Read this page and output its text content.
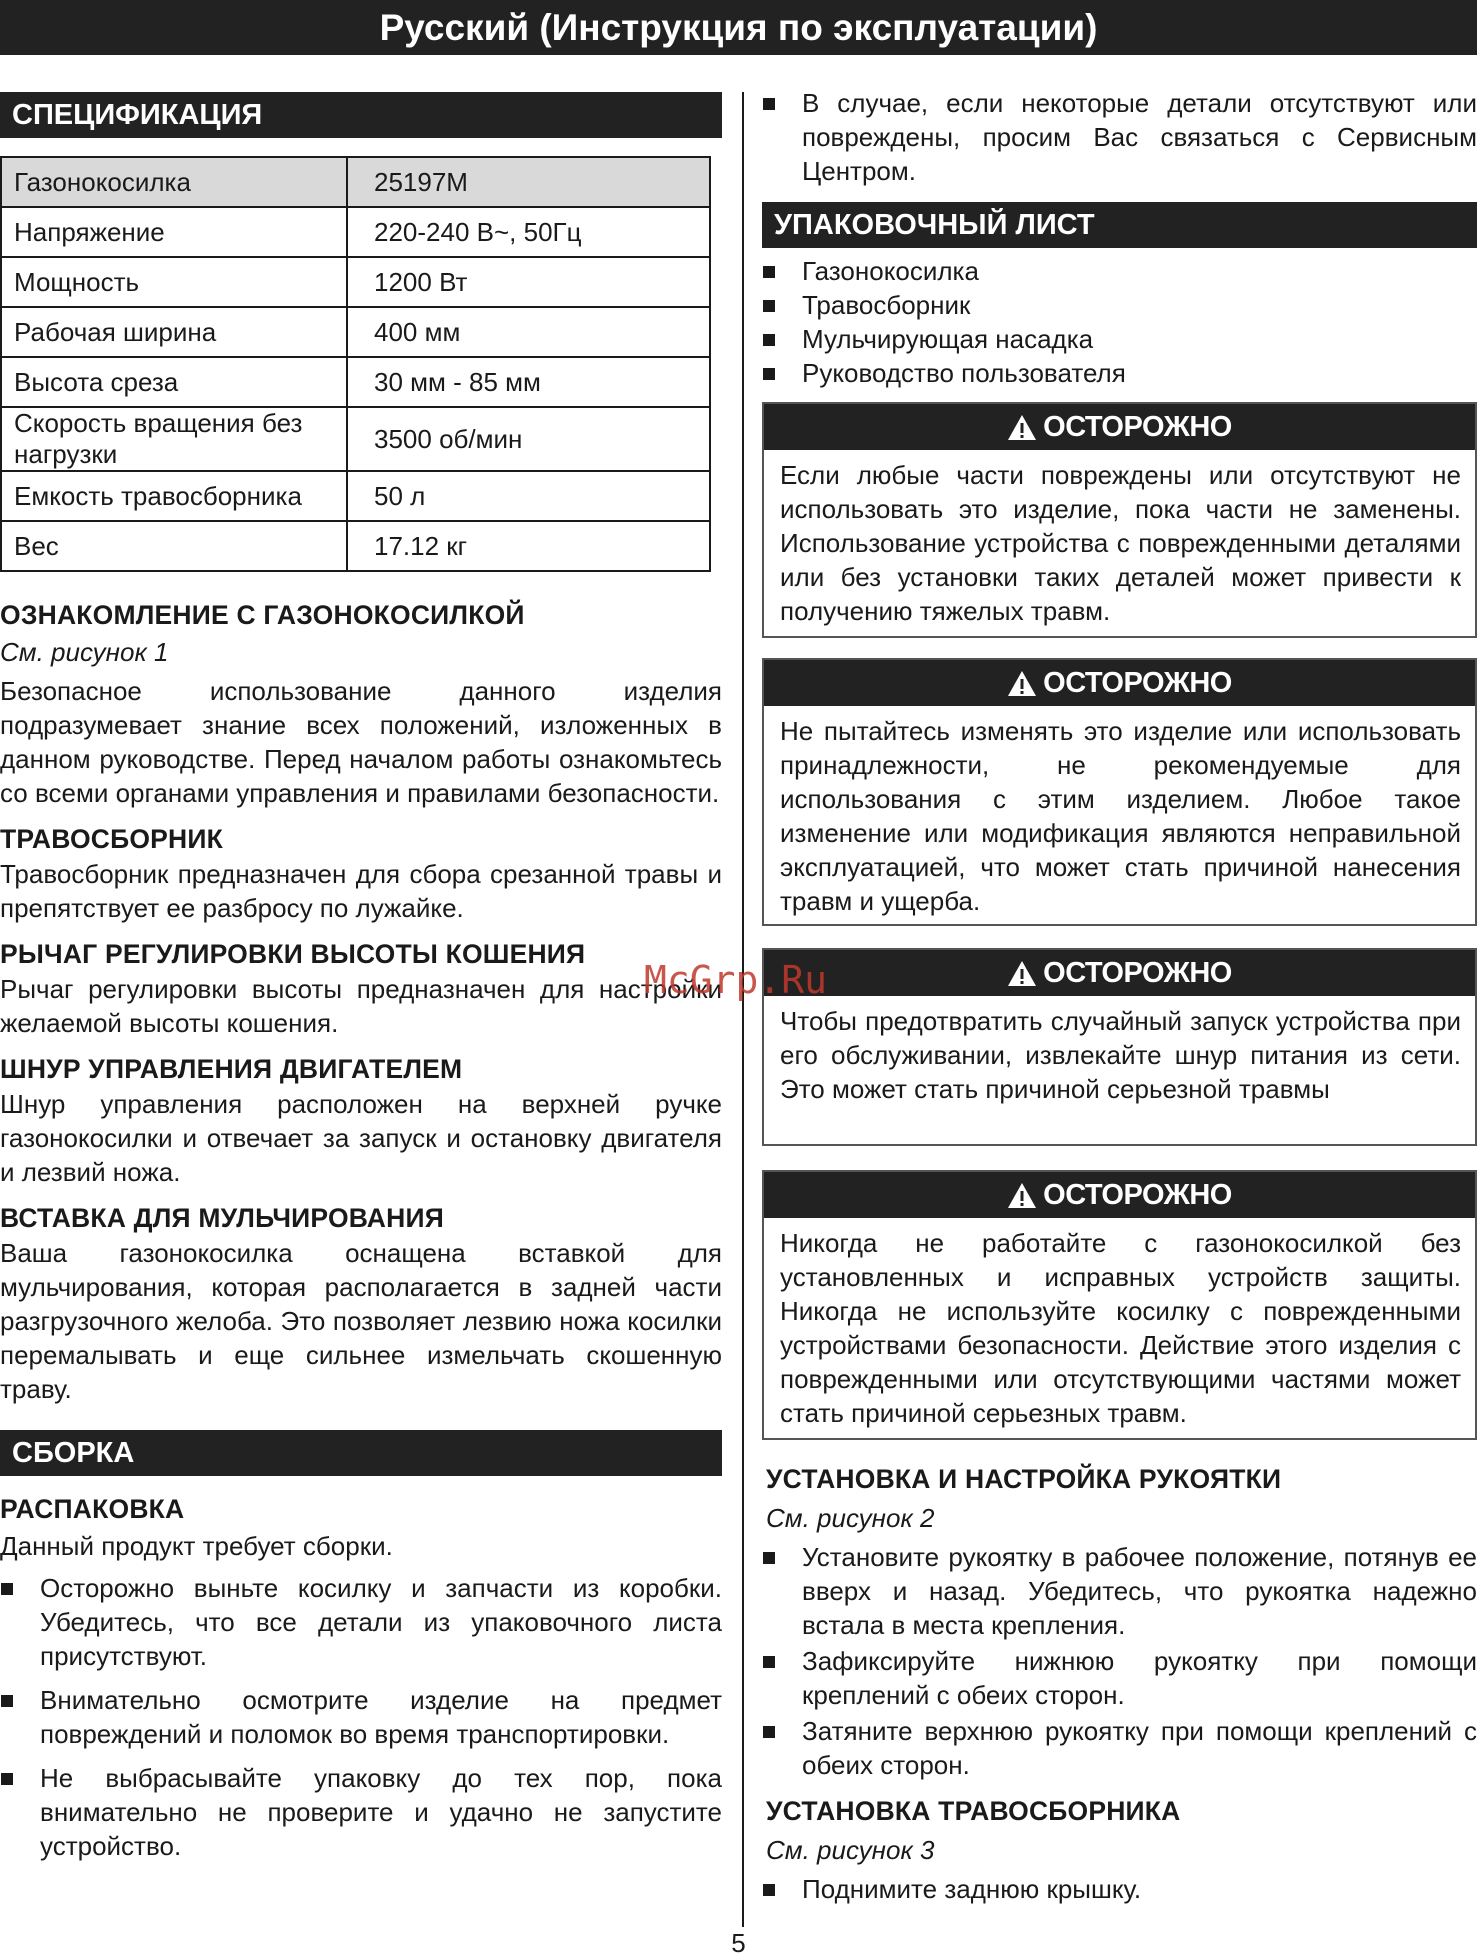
Русский (Инструкция по эксплуатации)
СПЕЦИФИКАЦИЯ
Газонокосилка	25197M
Напряжение	220-240 В~, 50Гц
Мощность	1200 Вт
Рабочая ширина	400 мм
Высота среза	30 мм - 85 мм
Скорость вращения без нагрузки	3500 об/мин
Емкость травосборника	50 л
Вес	17.12 кг
ОЗНАКОМЛЕНИЕ С ГАЗОНОКОСИЛКОЙ

См. рисунок 1

Безопасное использование данного изделия подразумевает знание всех положений, изложенных в данном руководстве. Перед началом работы ознакомьтесь со всеми органами управления и правилами безопасности.

ТРАВОСБОРНИК

Травосборник предназначен для сбора срезанной травы и препятствует ее разбросу по лужайке.

РЫЧАГ РЕГУЛИРОВКИ ВЫСОТЫ КОШЕНИЯ

Рычаг регулировки высоты предназначен для настройки желаемой высоты кошения.

ШНУР УПРАВЛЕНИЯ ДВИГАТЕЛЕМ

Шнур управления расположен на верхней ручке газонокосилки и отвечает за запуск и остановку двигателя и лезвий ножа.

ВСТАВКА ДЛЯ МУЛЬЧИРОВАНИЯ

Ваша газонокосилка оснащена вставкой для мульчирования, которая располагается в задней части разгрузочного желоба. Это позволяет лезвию ножа косилки перемалывать и еще сильнее измельчать скошенную траву.

СБОРКА
РАСПАКОВКА

Данный продукт требует сборки.

Осторожно выньте косилку и запчасти из коробки. Убедитесь, что все детали из упаковочного листа присутствуют.
Внимательно осмотрите изделие на предмет повреждений и поломок во время транспортировки.
Не выбрасывайте упаковку до тех пор, пока внимательно не проверите и удачно не запустите устройство.
В случае, если некоторые детали отсутствуют или повреждены, просим Вас связаться с Сервисным Центром.
УПАКОВОЧНЫЙ ЛИСТ
Газонокосилка
Травосборник
Мульчирующая насадка
Руководство пользователя
ОСТОРОЖНО
Если любые части повреждены или отсутствуют не использовать это изделие, пока части не заменены. Использование устройства с поврежденными деталями или без установки таких деталей может привести к получению тяжелых травм.
ОСТОРОЖНО
Не пытайтесь изменять это изделие или использовать принадлежности, не рекомендуемые для использования с этим изделием. Любое такое изменение или модификация являются неправильной эксплуатацией, что может стать причиной нанесения травм и ущерба.
ОСТОРОЖНО
Чтобы предотвратить случайный запуск устройства при его обслуживании, извлекайте шнур питания из сети. Это может стать причиной серьезной травмы
ОСТОРОЖНО
Никогда не работайте с газонокосилкой без установленных и исправных устройств защиты. Никогда не используйте косилку с поврежденными устройствами безопасности. Действие этого изделия с поврежденными или отсутствующими частями может стать причиной серьезных травм.
УСТАНОВКА И НАСТРОЙКА РУКОЯТКИ

См. рисунок 2

Установите рукоятку в рабочее положение, потянув ее вверх и назад. Убедитесь, что рукоятка надежно встала в места крепления.
Зафиксируйте нижнюю рукоятку при помощи креплений с обеих сторон.
Затяните верхнюю рукоятку при помощи креплений с обеих сторон.
УСТАНОВКА ТРАВОСБОРНИКА

См. рисунок 3

Поднимите заднюю крышку.
McGrp.Ru
5
